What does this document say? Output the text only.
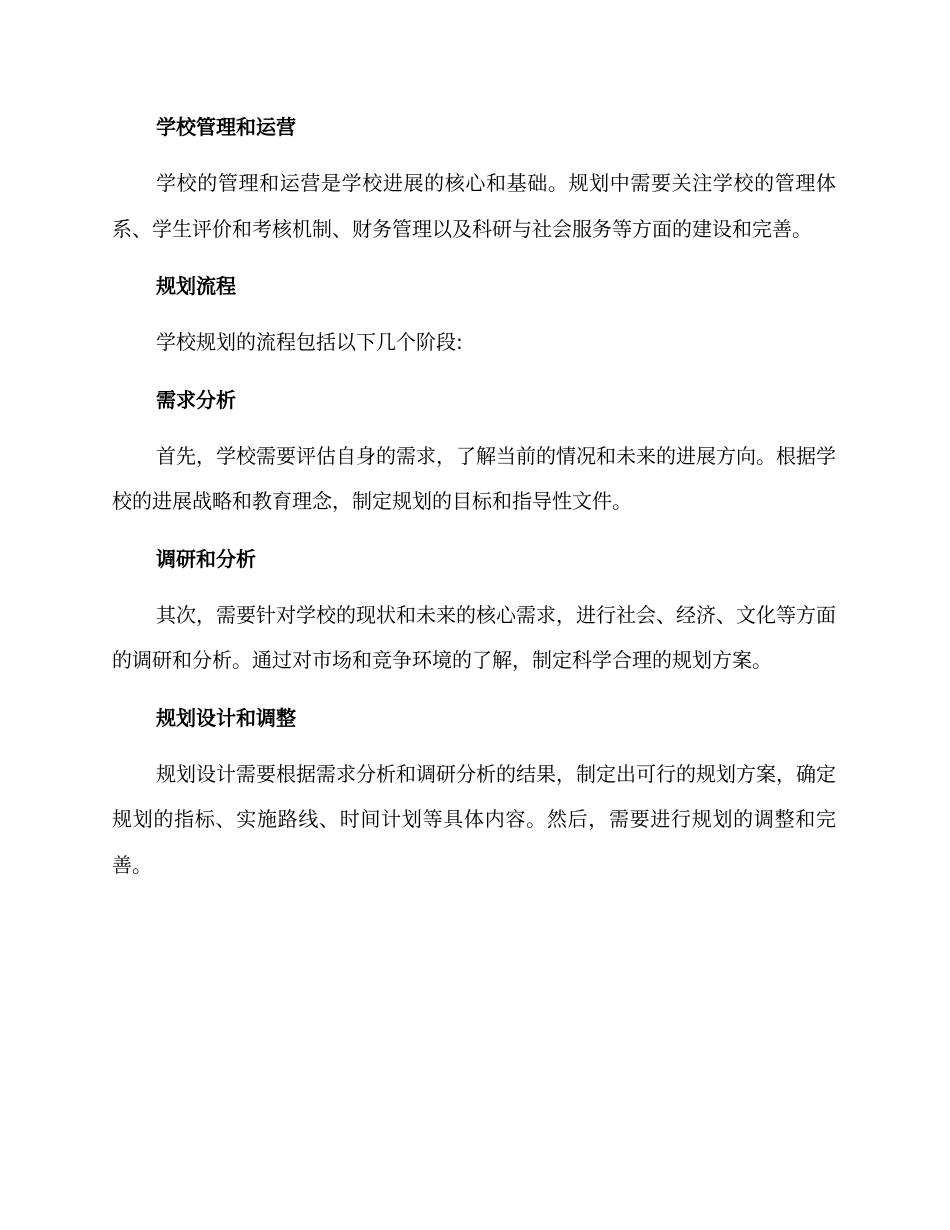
学校管理和运营

学校的管理和运营是学校进展的核心和基础。规划中需要关注学校的管理体系、学生评价和考核机制、财务管理以及科研与社会服务等方面的建设和完善。

规划流程

学校规划的流程包括以下几个阶段:

需求分析

首先，学校需要评估自身的需求，了解当前的情况和未来的进展方向。根据学校的进展战略和教育理念，制定规划的目标和指导性文件。

调研和分析

其次，需要针对学校的现状和未来的核心需求，进行社会、经济、文化等方面的调研和分析。通过对市场和竞争环境的了解，制定科学合理的规划方案。

规划设计和调整

规划设计需要根据需求分析和调研分析的结果，制定出可行的规划方案，确定规划的指标、实施路线、时间计划等具体内容。然后，需要进行规划的调整和完善。
